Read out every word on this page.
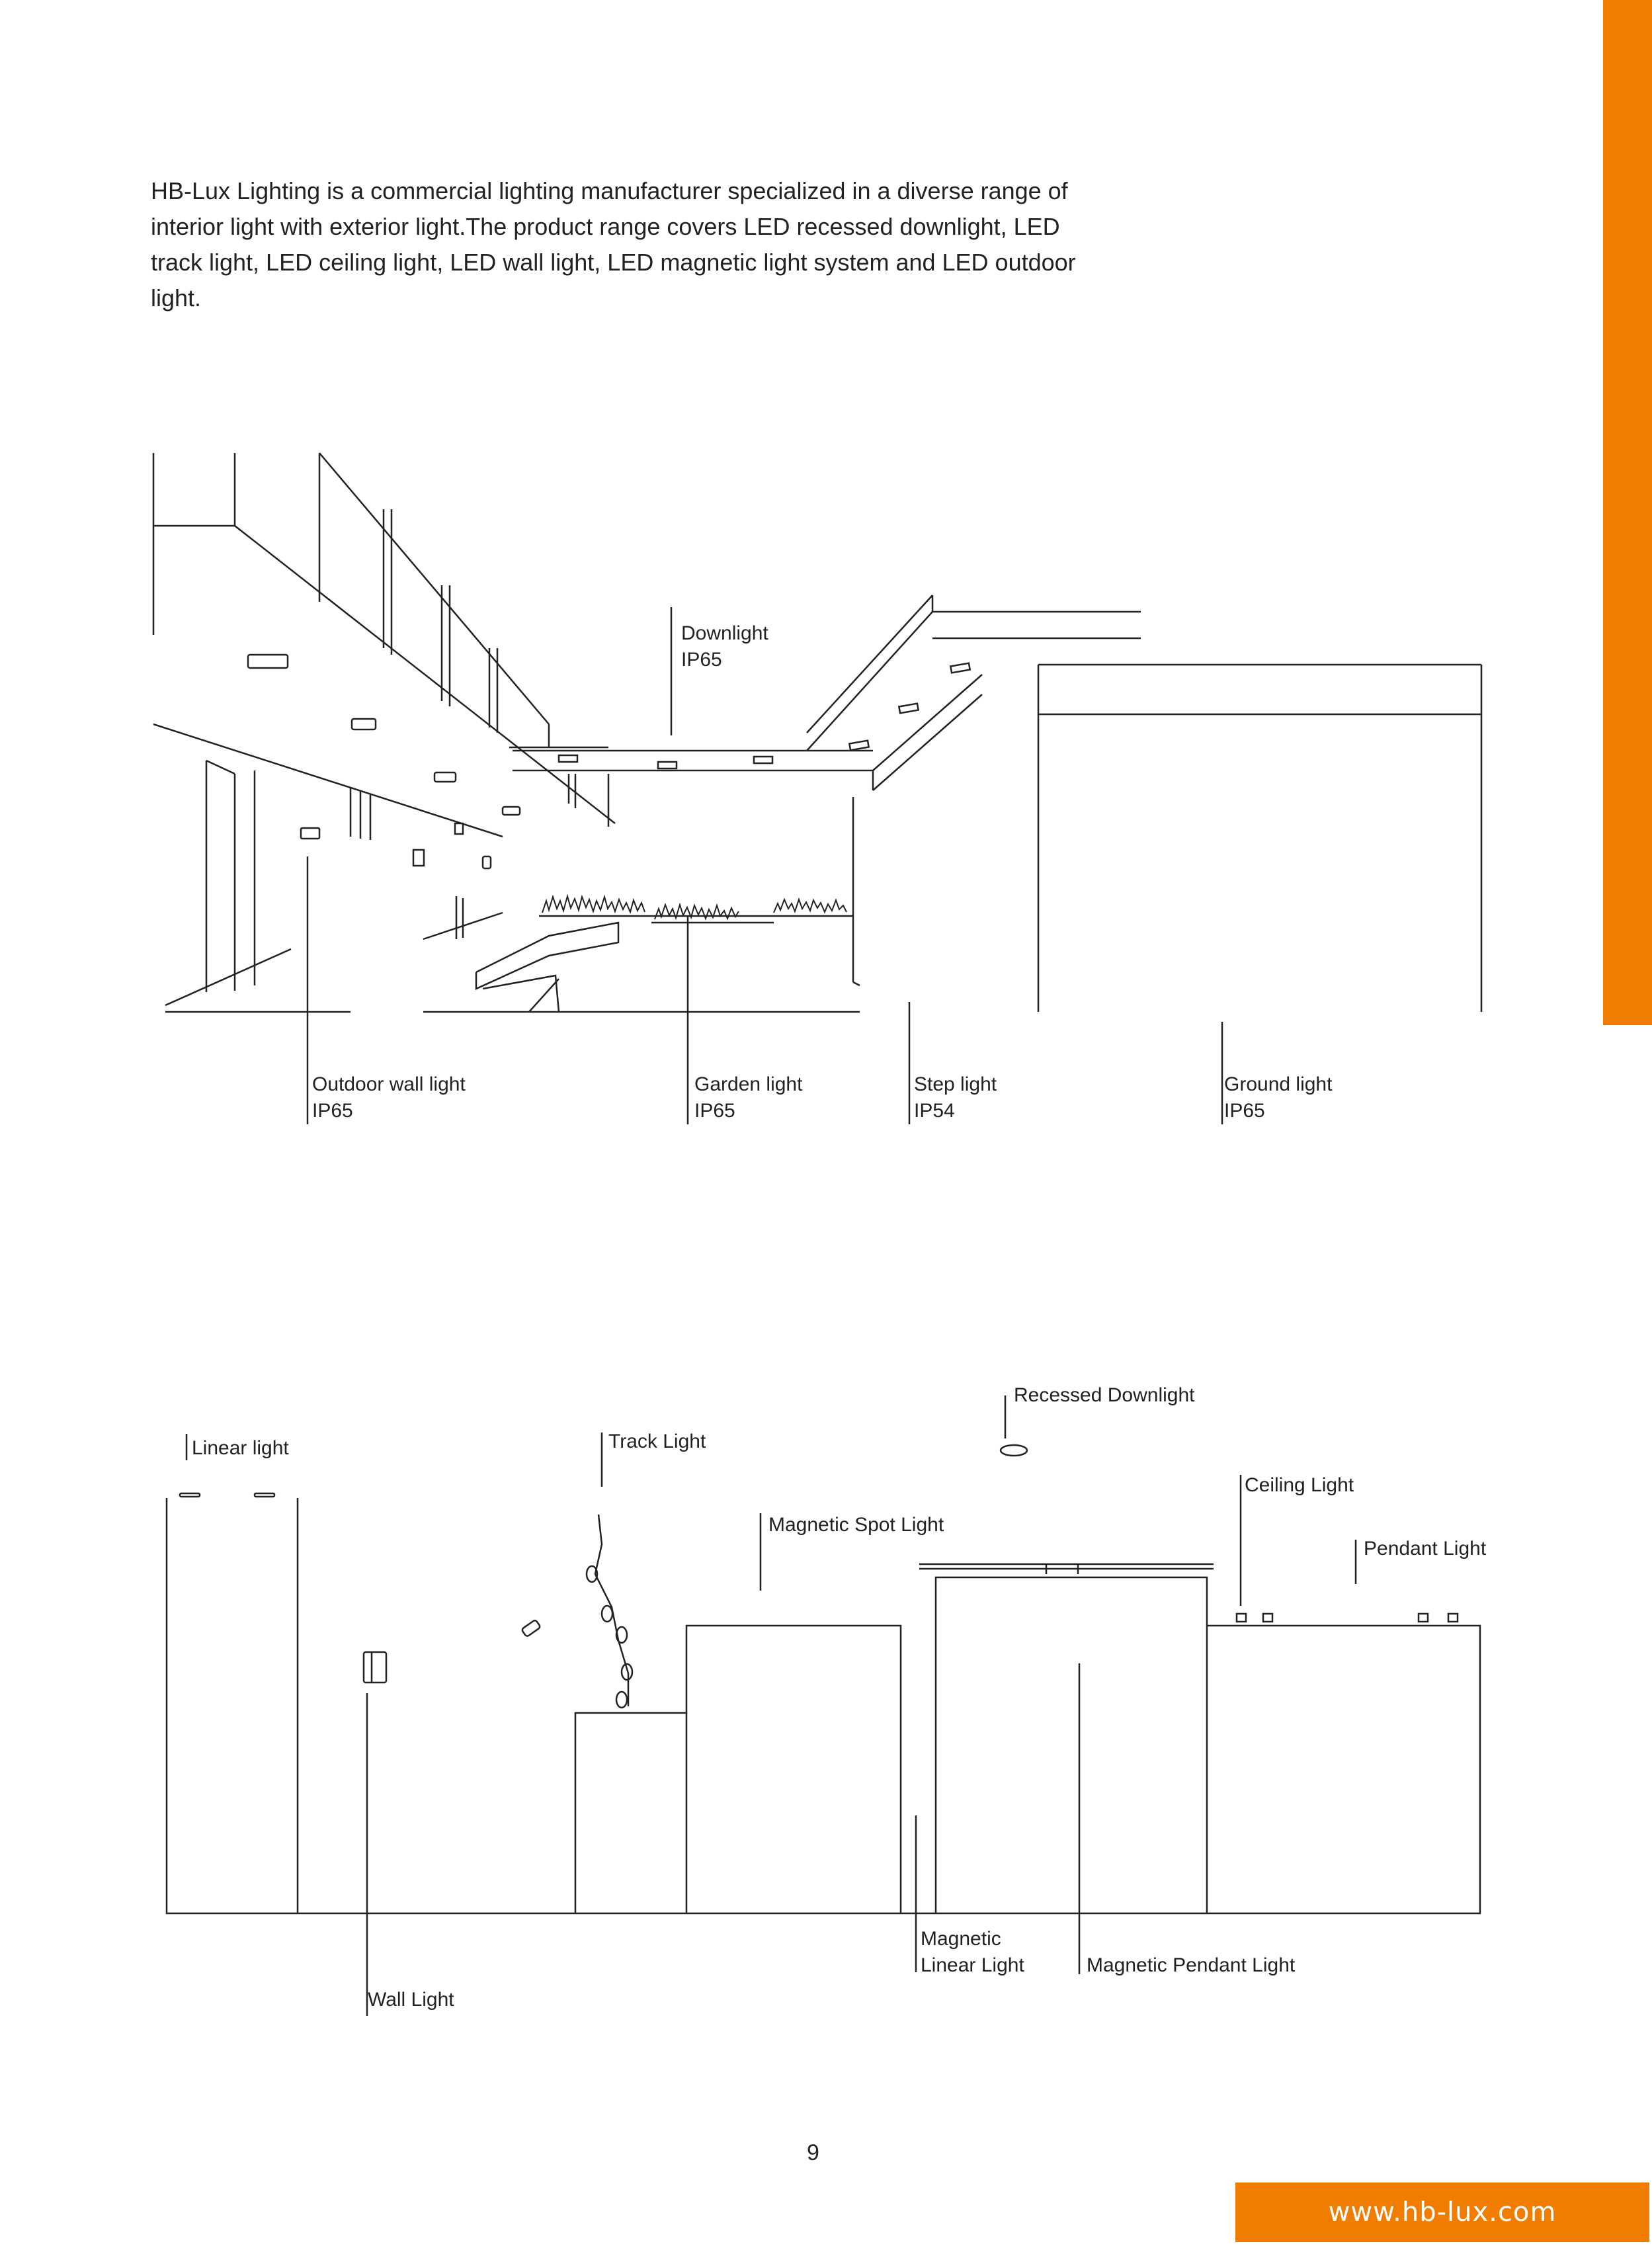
HB-Lux Lighting is a commercial lighting manufacturer specialized in a diverse range of interior light with exterior light.The product range covers LED recessed downlight, LED track light, LED ceiling light, LED wall light, LED magnetic light system and LED outdoor light.

Downlight
IP65
Outdoor wall light
IP65
Garden light
IP65
Step light
IP54
Ground light
IP65
Recessed Downlight
Linear light	Track Light
Magnetic Spot Light
Ceiling Light
Pendant Light
Magnetic
Linear Light	Magnetic Pendant Light
Wall Light
9
www.hb-lux.com
